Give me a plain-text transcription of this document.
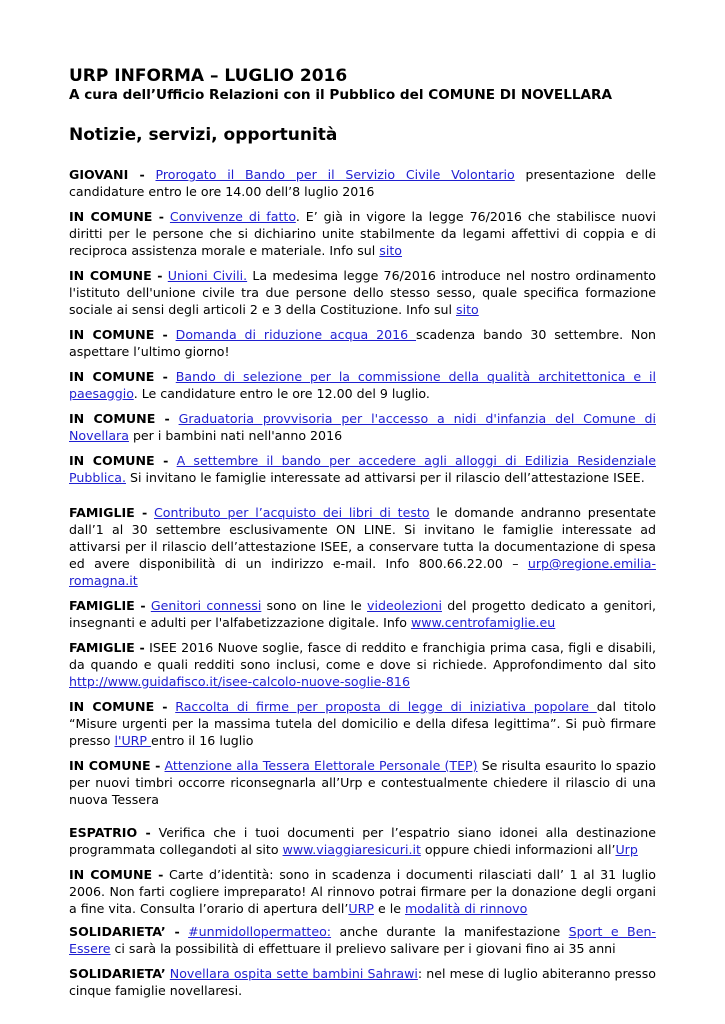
URP INFORMA – LUGLIO 2016
A cura dell’Ufficio Relazioni con il Pubblico del COMUNE DI NOVELLARA
Notizie, servizi, opportunità

GIOVANI - Prorogato il Bando per il Servizio Civile Volontario presentazione delle candidature entro le ore 14.00 dell’8 luglio 2016

IN COMUNE - Convivenze di fatto. E’ già in vigore la legge 76/2016 che stabilisce nuovi diritti per le persone che si dichiarino unite stabilmente da legami affettivi di coppia e di reciproca assistenza morale e materiale. Info sul sito

IN COMUNE - Unioni Civili. La medesima legge 76/2016 introduce nel nostro ordinamento l'istituto dell'unione civile tra due persone dello stesso sesso, quale specifica formazione sociale ai sensi degli articoli 2 e 3 della Costituzione. Info sul sito

IN COMUNE - Domanda di riduzione acqua 2016 scadenza bando 30 settembre. Non aspettare l’ultimo giorno!

IN COMUNE - Bando di selezione per la commissione della qualità architettonica e il paesaggio. Le candidature entro le ore 12.00 del 9 luglio.

IN COMUNE - Graduatoria provvisoria per l'accesso a nidi d'infanzia del Comune di Novellara per i bambini nati nell'anno 2016

IN COMUNE - A settembre il bando per accedere agli alloggi di Edilizia Residenziale Pubblica. Si invitano le famiglie interessate ad attivarsi per il rilascio dell’attestazione ISEE.

FAMIGLIE - Contributo per l’acquisto dei libri di testo le domande andranno presentate dall’1 al 30 settembre esclusivamente ON LINE. Si invitano le famiglie interessate ad attivarsi per il rilascio dell’attestazione ISEE, a conservare tutta la documentazione di spesa ed avere disponibilità di un indirizzo e-mail. Info 800.66.22.00 – urp@regione.emilia-romagna.it

FAMIGLIE - Genitori connessi sono on line le videolezioni del progetto dedicato a genitori, insegnanti e adulti per l'alfabetizzazione digitale. Info www.centrofamiglie.eu

FAMIGLIE - ISEE 2016 Nuove soglie, fasce di reddito e franchigia prima casa, figli e disabili, da quando e quali redditi sono inclusi, come e dove si richiede. Approfondimento dal sito http://www.guidafisco.it/isee-calcolo-nuove-soglie-816

IN COMUNE - Raccolta di firme per proposta di legge di iniziativa popolare dal titolo “Misure urgenti per la massima tutela del domicilio e della difesa legittima”. Si può firmare presso l'URP entro il 16 luglio

IN COMUNE - Attenzione alla Tessera Elettorale Personale (TEP) Se risulta esaurito lo spazio per nuovi timbri occorre riconsegnarla all’Urp e contestualmente chiedere il rilascio di una nuova Tessera

ESPATRIO - Verifica che i tuoi documenti per l’espatrio siano idonei alla destinazione programmata collegandoti al sito www.viaggiaresicuri.it oppure chiedi informazioni all’Urp

IN COMUNE - Carte d’identità: sono in scadenza i documenti rilasciati dall’ 1 al 31 luglio 2006. Non farti cogliere impreparato! Al rinnovo potrai firmare per la donazione degli organi a fine vita. Consulta l’orario di apertura dell’URP e le modalità di rinnovo

SOLIDARIETA’ - #unmidollopermatteo: anche durante la manifestazione Sport e Ben-Essere ci sarà la possibilità di effettuare il prelievo salivare per i giovani fino ai 35 anni

SOLIDARIETA’ Novellara ospita sette bambini Sahrawi: nel mese di luglio abiteranno presso cinque famiglie novellaresi.
